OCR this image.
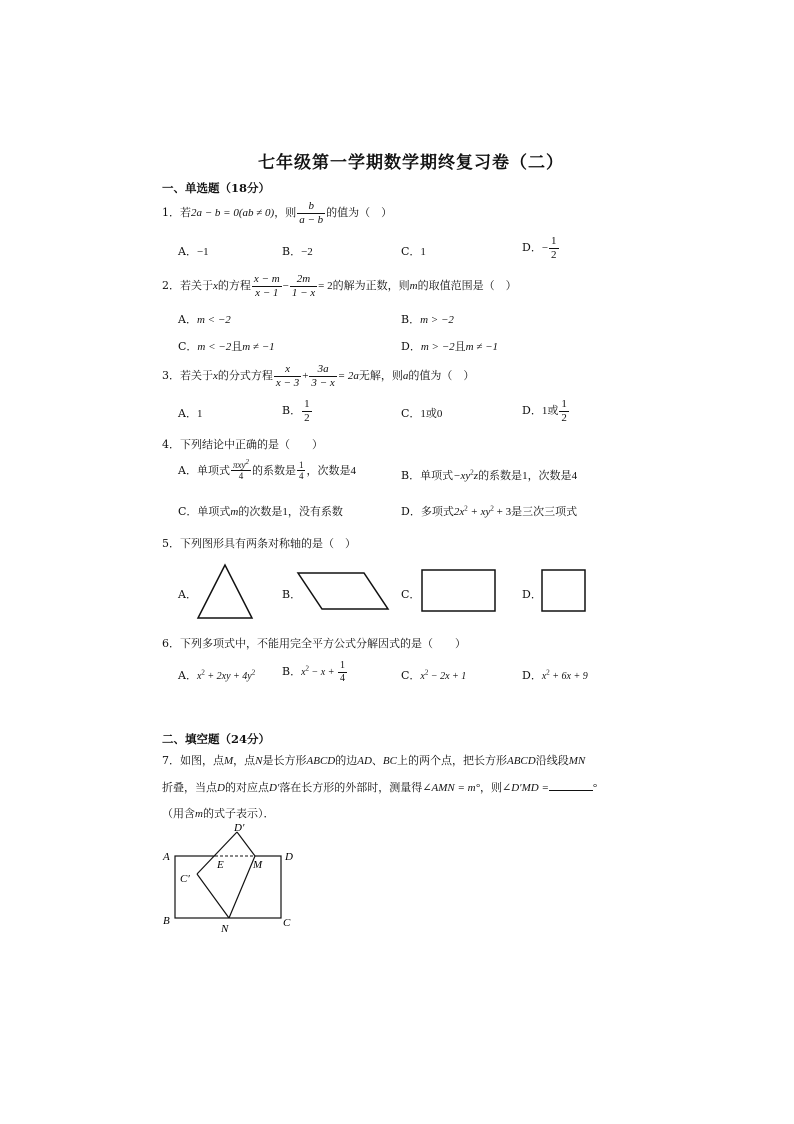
七年级第一学期数学期终复习卷（二）
一、单选题（18分）
1．若2a − b = 0(ab ≠ 0)，则 $\frac{b}{a - b}$ 的值为（　）
A．−1	B．−2	C．1	D．− $\frac{1}{2}$
2．若关于x的方程 $\frac{x - m}{x - 1} - \frac{2m}{1 - x} = 2$的解为正数，则m的取值范围是（　）
A．m < −2	B．m > −2
C．m < −2且m ≠ −1	D．m > −2且m ≠ −1
3．若关于x的分式方程 $\frac{x}{x - 3} + \frac{3a}{3 - x} = 2a$无解，则a的值为（　）
A．1	B． $\frac{1}{2}$	C．1或0	D．1或 $\frac{1}{2}$
4．下列结论中正确的是（　　）
A．单项式 $\frac{\pi xy^2}{4}$ 的系数是 $\frac{1}{4}$ ，次数是4	B．单项式$-xy^2z$的系数是1，次数是4
C．单项式m的次数是1，没有系数	D．多项式$2x^2 + xy^2 + 3$是三次三项式
5．下列图形具有两条对称轴的是（　）
A．	B．	C．	D．
6．下列多项式中，不能用完全平方公式分解因式的是（　　）
A．$x^2 + 2xy + 4y^2$ B．$x^2 - x + \frac{1}{4}$	C．$x^2 - 2x + 1$	D．$x^2 + 6x + 9$
二、填空题（24分）
7．如图，点M，点N是长方形ABCD的边AD、BC上的两个点，把长方形ABCD沿线段MN
折叠，当点D的对应点D′落在长方形的外部时，测量得∠AMN = m°，则∠D′MD =	°
（用含m的式子表示）．
A
B	C
D
D′
C′
E	M
N
